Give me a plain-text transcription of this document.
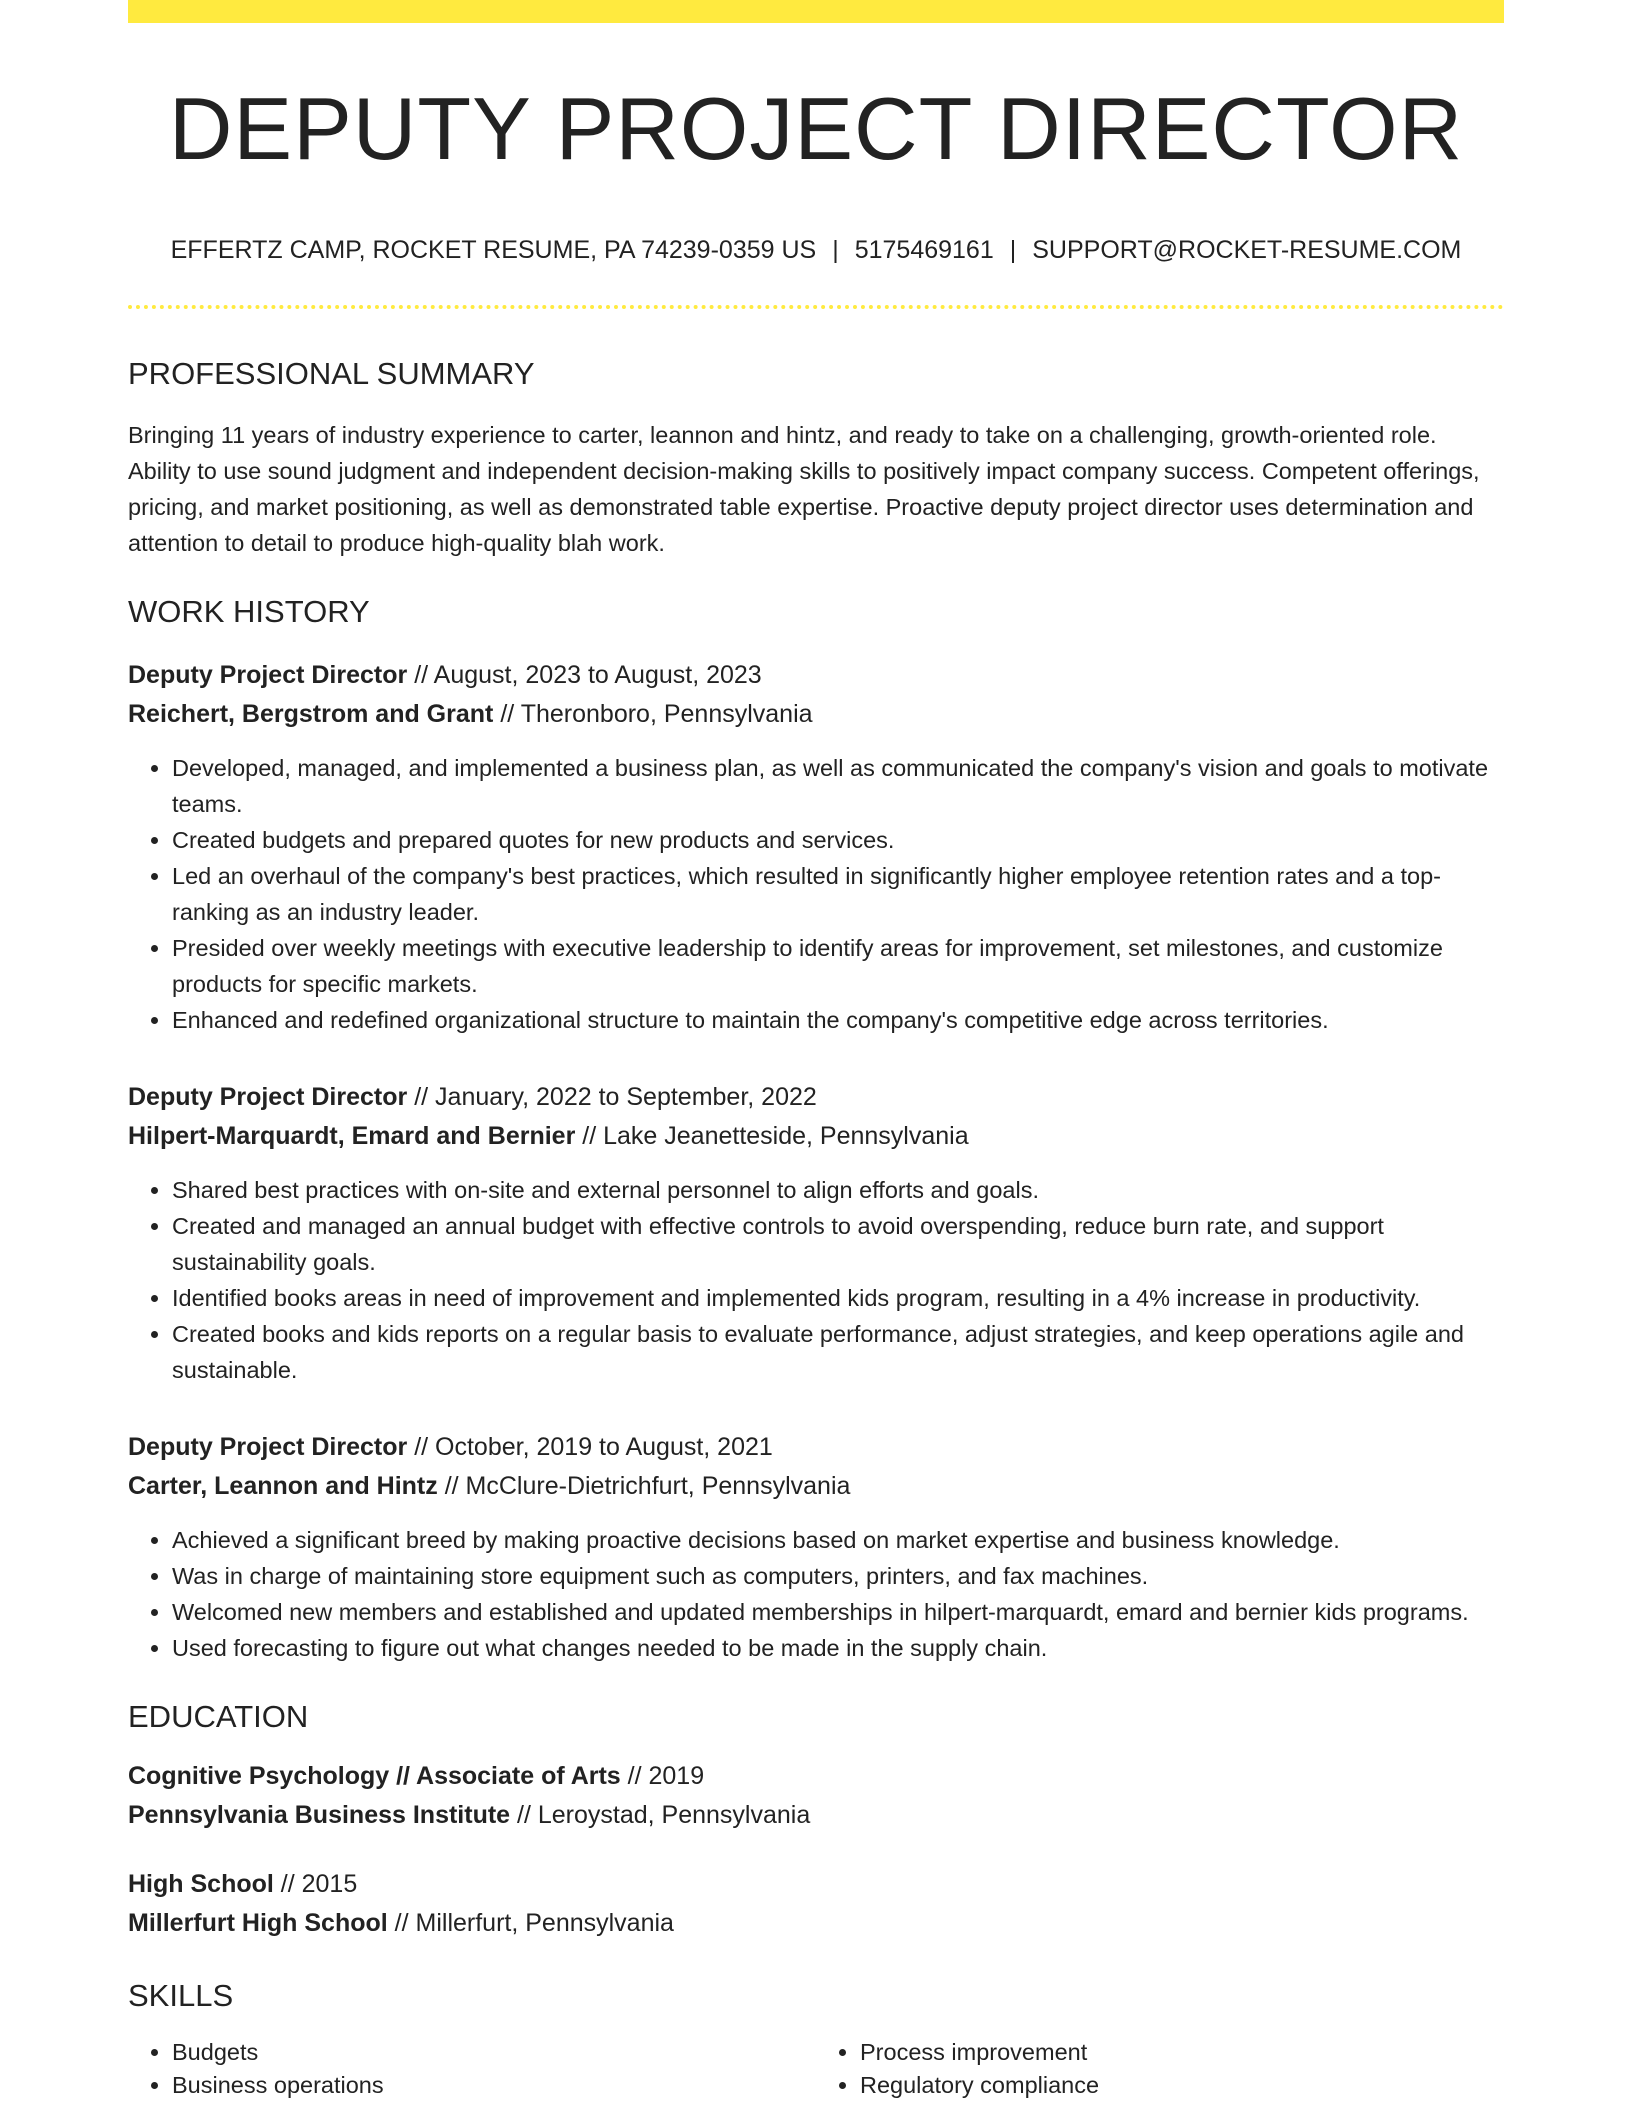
DEPUTY PROJECT DIRECTOR
EFFERTZ CAMP, ROCKET RESUME, PA 74239-0359 US | 5175469161 | SUPPORT@ROCKET-RESUME.COM
PROFESSIONAL SUMMARY
Bringing 11 years of industry experience to carter, leannon and hintz, and ready to take on a challenging, growth-oriented role. Ability to use sound judgment and independent decision-making skills to positively impact company success. Competent offerings, pricing, and market positioning, as well as demonstrated table expertise. Proactive deputy project director uses determination and attention to detail to produce high-quality blah work.
WORK HISTORY
Deputy Project Director // August, 2023 to August, 2023
Reichert, Bergstrom and Grant // Theronboro, Pennsylvania
• Developed, managed, and implemented a business plan, as well as communicated the company's vision and goals to motivate teams.
• Created budgets and prepared quotes for new products and services.
• Led an overhaul of the company's best practices, which resulted in significantly higher employee retention rates and a top-ranking as an industry leader.
• Presided over weekly meetings with executive leadership to identify areas for improvement, set milestones, and customize products for specific markets.
• Enhanced and redefined organizational structure to maintain the company's competitive edge across territories.
Deputy Project Director // January, 2022 to September, 2022
Hilpert-Marquardt, Emard and Bernier // Lake Jeanetteside, Pennsylvania
• Shared best practices with on-site and external personnel to align efforts and goals.
• Created and managed an annual budget with effective controls to avoid overspending, reduce burn rate, and support sustainability goals.
• Identified books areas in need of improvement and implemented kids program, resulting in a 4% increase in productivity.
• Created books and kids reports on a regular basis to evaluate performance, adjust strategies, and keep operations agile and sustainable.
Deputy Project Director // October, 2019 to August, 2021
Carter, Leannon and Hintz // McClure-Dietrichfurt, Pennsylvania
• Achieved a significant breed by making proactive decisions based on market expertise and business knowledge.
• Was in charge of maintaining store equipment such as computers, printers, and fax machines.
• Welcomed new members and established and updated memberships in hilpert-marquardt, emard and bernier kids programs.
• Used forecasting to figure out what changes needed to be made in the supply chain.
EDUCATION
Cognitive Psychology // Associate of Arts // 2019
Pennsylvania Business Institute // Leroystad, Pennsylvania
High School // 2015
Millerfurt High School // Millerfurt, Pennsylvania
SKILLS
• Budgets
• Business operations
• Process improvement
• Regulatory compliance
